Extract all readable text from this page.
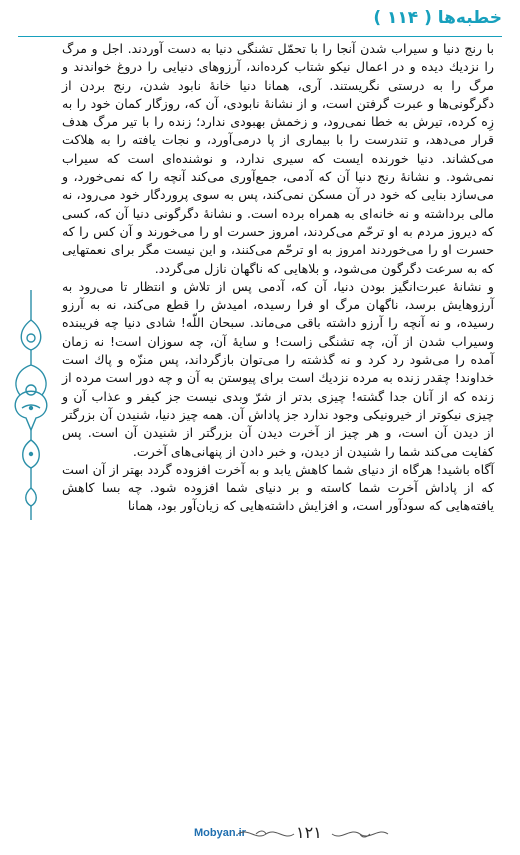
خطبه‌ها ( ۱۱۴ )

با رنج دنيا و سيراب شدن آنجا را با تحمّل تشنگى دنيا به دست آوردند. اجل و مرگ را نزديك ديده و در اعمال نيكو شتاب كرده‌اند، آرزوهاى دنيايى را دروغ خواندند و مرگ را به درستى نگريستند. آرى، همانا دنيا خانۀ نابود شدن، رنج بردن از دگرگونى‌ها و عبرت گرفتن است، و از نشانۀ نابودى، آن كه، روزگار كمان خود را به زِه كرده، تيرش به خطا نمى‌رود، و زخمش بهبودى ندارد؛ زنده را با تير مرگ هدف قرار مى‌دهد، و تندرست را با بيمارى از پا درمى‌آورد، و نجات يافته را به هلاكت مى‌كشاند. دنيا خورنده ايست كه سيرى ندارد، و نوشنده‌اى است كه سيراب نمى‌شود. و نشانۀ رنج دنيا آن كه آدمى، جمع‌آورى مى‌كند آنچه را كه نمى‌خورد، و مى‌سازد بنايى كه خود در آن مسكن نمى‌كند، پس به سوى پروردگار خود مى‌رود، نه مالى برداشته و نه خانه‌اى به همراه برده است. و نشانۀ دگرگونى دنيا آن كه، كسى كه ديروز مردم به او ترحّم مى‌كردند، امروز حسرت او را مى‌خورند و آن كس را كه حسرت او را مى‌خوردند امروز به او ترحّم مى‌كنند، و اين نيست مگر براى نعمتهايى كه به سرعت دگرگون مى‌شود، و بلاهايى كه ناگهان نازل مى‌گردد.

و نشانۀ عبرت‌انگيز بودن دنيا، آن كه، آدمى پس از تلاش و انتظار تا مى‌رود به آرزوهايش برسد، ناگهان مرگ او فرا رسيده، اميدش را قطع مى‌كند، نه به آرزو رسيده، و نه آنچه را آرزو داشته باقى مى‌ماند. سبحان اللّه! شادى دنيا چه فريبنده وسيراب شدن از آن، چه تشنگى زاست! و سايۀ آن، چه سوزان است! نه زمان آمده را مى‌شود رد كرد و نه گذشته را مى‌توان بازگرداند، پس منزّه و پاك است خداوند! چقدر زنده به مرده نزديك است براى پيوستن به آن و چه دور است مرده از زنده كه از آنان جدا گشته! چيزى بدتر از شرّ وبدى نيست جز كيفر و عذاب آن و چيزى نيكوتر از خيرونيكى وجود ندارد جز پاداش آن. همه چيز دنيا، شنيدن آن بزرگتر از ديدن آن است، و هر چيز از آخرت ديدن آن بزرگتر از شنيدن آن است. پس كفايت مى‌كند شما را شنيدن از ديدن، و خبر دادن از پنهانى‌هاى آخرت.

آگاه باشيد! هرگاه از دنياى شما كاهش يابد و به آخرت افزوده گردد بهتر از آن است كه از پاداش آخرت شما كاسته و بر دنياى شما افزوده شود. چه بسا كاهش يافته‌هايى كه سودآور است، و افزايش داشته‌هايى كه زيان‌آور بود، همانا

Mobyan.ir	۱۲۱
